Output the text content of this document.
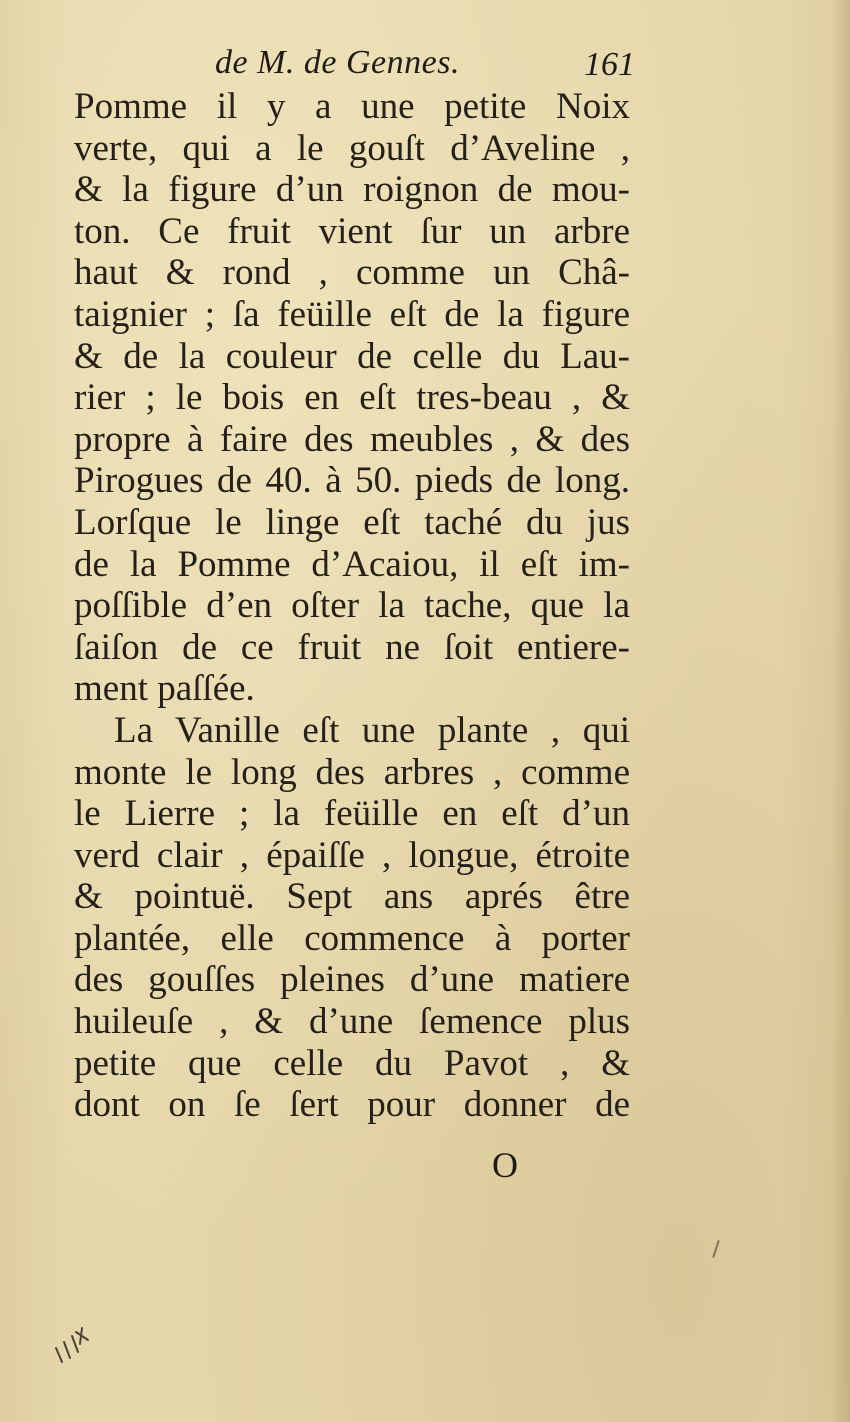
de M. de Gennes.	161
Pomme il y a une petite Noix
verte, qui a le gouſt d’Aveline ,
& la figure d’un roignon de mou-
ton. Ce fruit vient ſur un arbre
haut & rond , comme un Châ-
taignier ; ſa feüille eſt de la figure
& de la couleur de celle du Lau-
rier ; le bois en eſt tres-beau , &
propre à faire des meubles , & des
Pirogues de 40. à 50. pieds de long.
Lorſque le linge eſt taché du jus
de la Pomme d’Acaiou, il eſt im-
poſſible d’en oſter la tache, que la
ſaiſon de ce fruit ne ſoit entiere-
ment paſſée.
La Vanille eſt une plante , qui
monte le long des arbres , comme
le Lierre ; la feüille en eſt d’un
verd clair , épaiſſe , longue, étroite
& pointuë. Sept ans aprés être
plantée, elle commence à porter
des gouſſes pleines d’une matiere
huileuſe , & d’une ſemence plus
petite que celle du Pavot , &
dont on ſe ſert pour donner de
O
